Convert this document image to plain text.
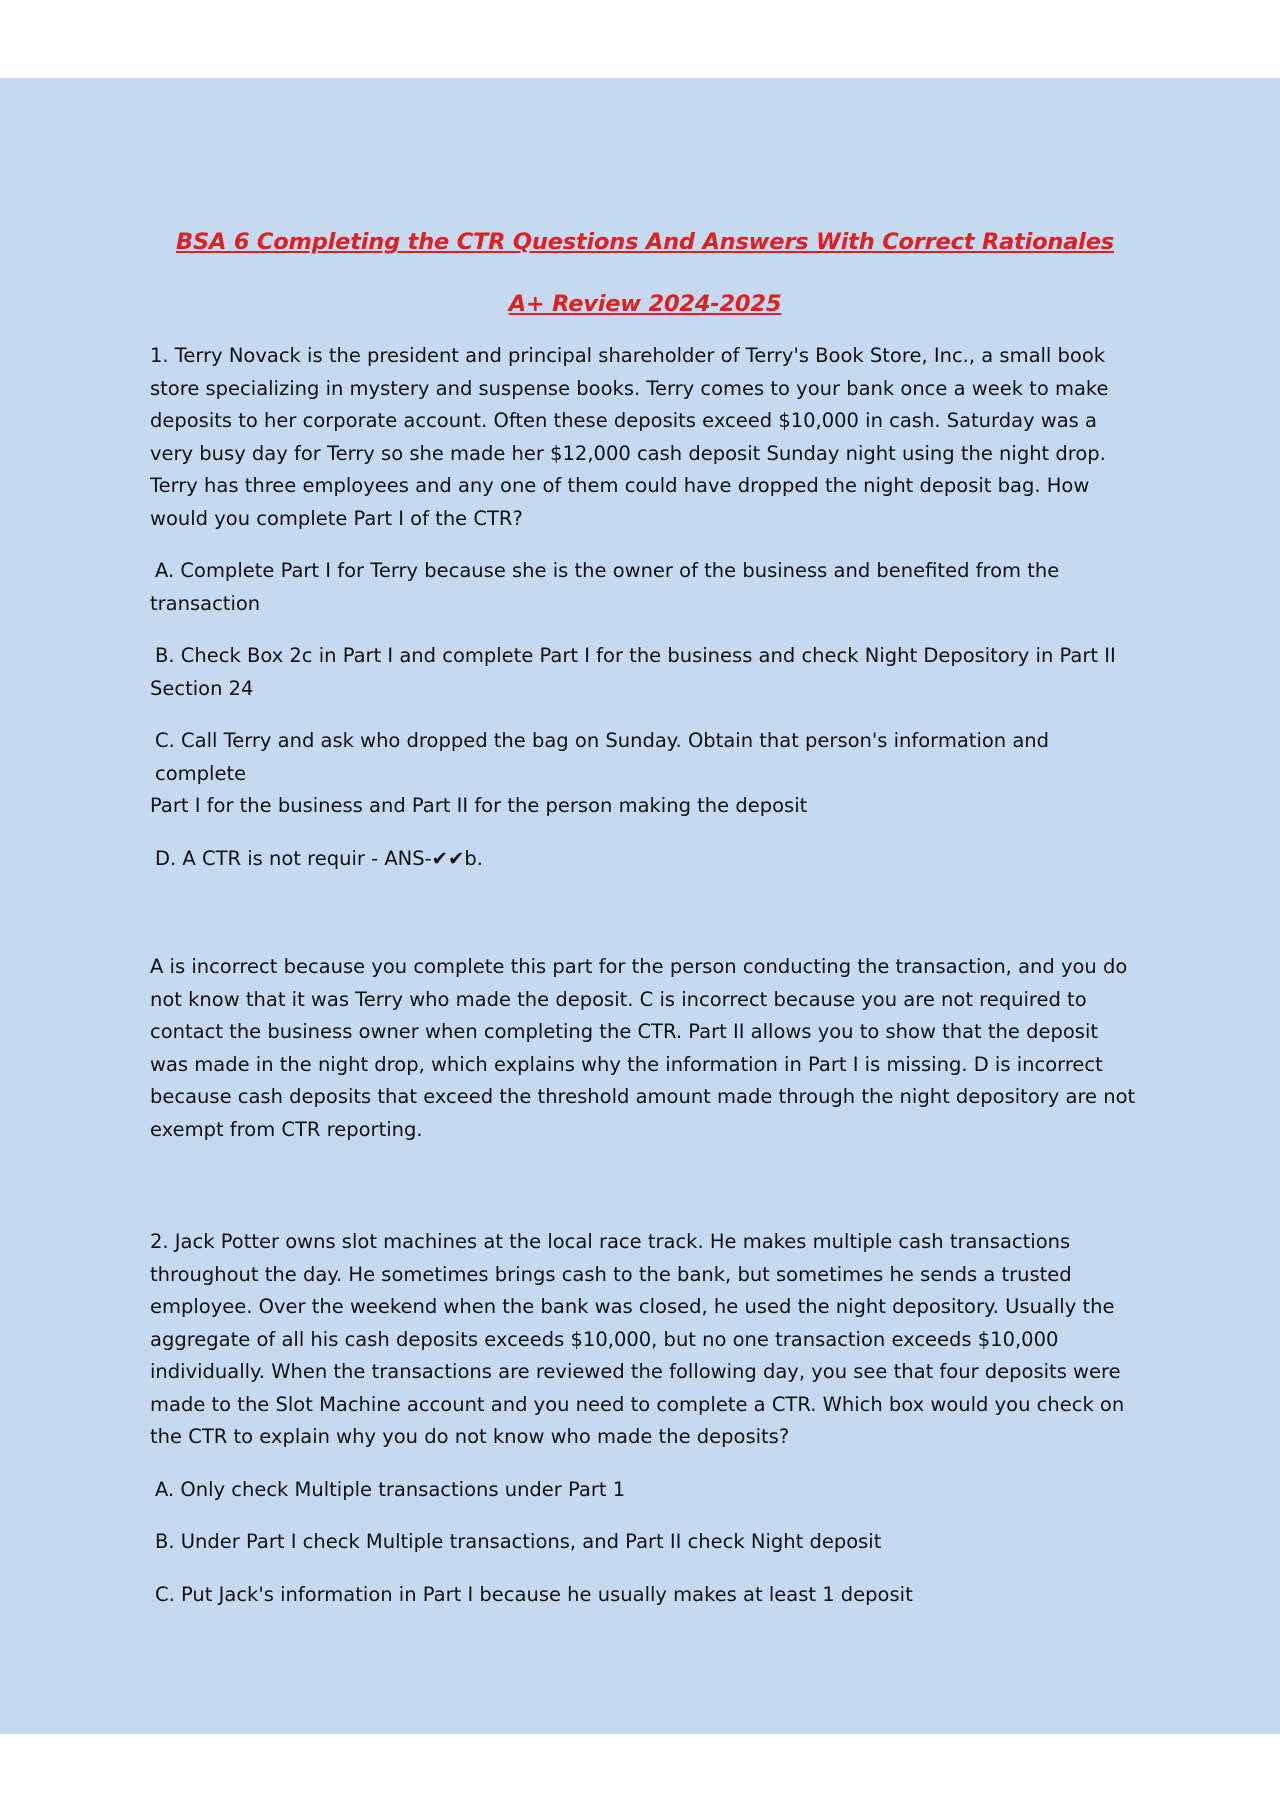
BSA 6 Completing the CTR Questions And Answers With Correct Rationales
A+ Review 2024-2025

1. Terry Novack is the president and principal shareholder of Terry's Book Store, Inc., a small book store specializing in mystery and suspense books. Terry comes to your bank once a week to make deposits to her corporate account. Often these deposits exceed $10,000 in cash. Saturday was a very busy day for Terry so she made her $12,000 cash deposit Sunday night using the night drop. Terry has three employees and any one of them could have dropped the night deposit bag. How would you complete Part I of the CTR?

A. Complete Part I for Terry because she is the owner of the business and benefited from the
transaction
B. Check Box 2c in Part I and complete Part I for the business and check Night Depository in Part II
Section 24
C. Call Terry and ask who dropped the bag on Sunday. Obtain that person's information and complete
Part I for the business and Part II for the person making the deposit

D. A CTR is not requir - ANS-✔✔b.

A is incorrect because you complete this part for the person conducting the transaction, and you do not know that it was Terry who made the deposit. C is incorrect because you are not required to contact the business owner when completing the CTR. Part II allows you to show that the deposit was made in the night drop, which explains why the information in Part I is missing. D is incorrect because cash deposits that exceed the threshold amount made through the night depository are not exempt from CTR reporting.

2. Jack Potter owns slot machines at the local race track. He makes multiple cash transactions throughout the day. He sometimes brings cash to the bank, but sometimes he sends a trusted employee. Over the weekend when the bank was closed, he used the night depository. Usually the aggregate of all his cash deposits exceeds $10,000, but no one transaction exceeds $10,000 individually. When the transactions are reviewed the following day, you see that four deposits were made to the Slot Machine account and you need to complete a CTR. Which box would you check on the CTR to explain why you do not know who made the deposits?

A. Only check Multiple transactions under Part 1

B. Under Part I check Multiple transactions, and Part II check Night deposit

C. Put Jack's information in Part I because he usually makes at least 1 deposit
